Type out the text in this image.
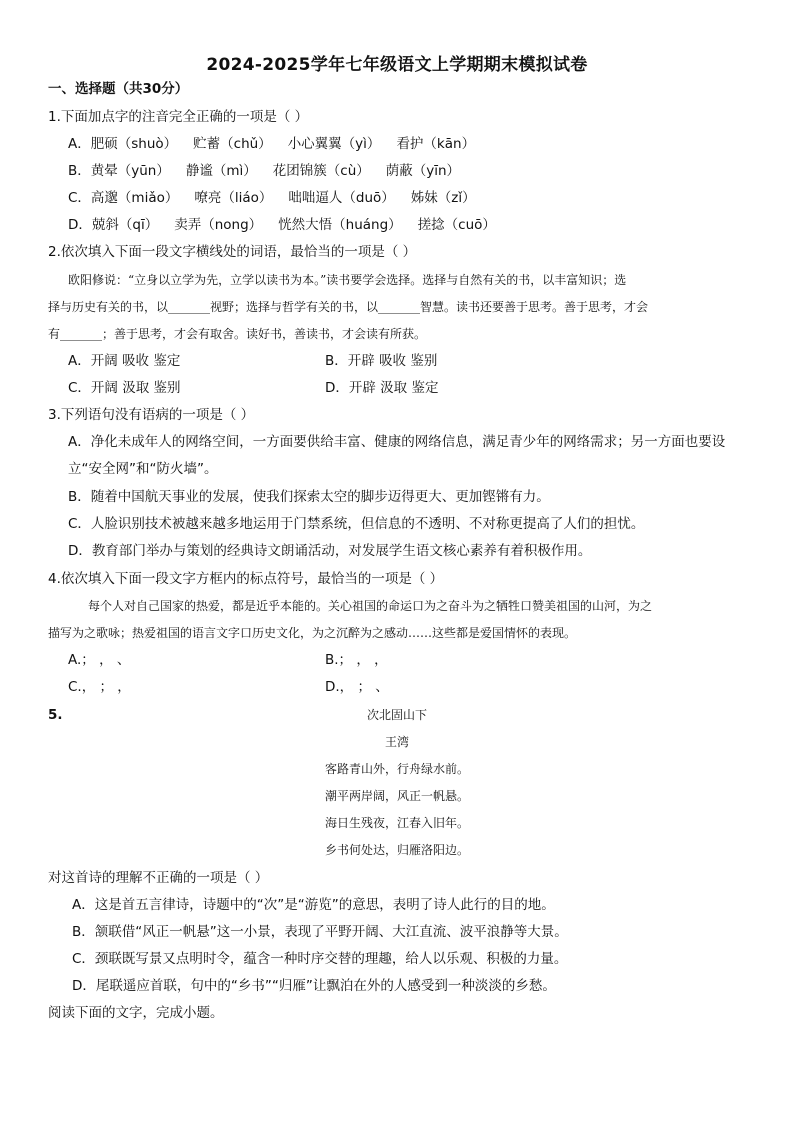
2024-2025学年七年级语文上学期期末模拟试卷
一、选择题（共30分）
1.下面加点字的注音完全正确的一项是（ ）
A．肥硕（shuò） 贮蓄（chǔ） 小心翼翼（yì） 看护（kān）
B．黄晕（yūn） 静谧（mì） 花团锦簇（cù） 荫蔽（yīn）
C．高邈（miǎo） 嘹亮（liáo） 咄咄逼人（duō） 姊妹（zǐ）
D．兢斜（qī） 卖弄（nong） 恍然大悟（huáng） 搓捻（cuō）
2.依次填入下面一段文字横线处的词语，最恰当的一项是（ ）
欧阳修说：“立身以立学为先，立学以读书为本。”读书要学会选择。选择与自然有关的书，以丰富知识；选
择与历史有关的书，以_______视野；选择与哲学有关的书，以_______智慧。读书还要善于思考。善于思考，才会
有_______；善于思考，才会有取舍。读好书，善读书，才会读有所获。
A．开阔 吸收 鉴定	B．开辟 吸收 鉴别
C．开阔 汲取 鉴别	D．开辟 汲取 鉴定
3.下列语句没有语病的一项是（ ）
A．净化未成年人的网络空间，一方面要供给丰富、健康的网络信息，满足青少年的网络需求；另一方面也要设
立“安全网”和“防火墙”。
B．随着中国航天事业的发展，使我们探索太空的脚步迈得更大、更加铿锵有力。
C．人脸识别技术被越来越多地运用于门禁系统，但信息的不透明、不对称更提高了人们的担忧。
D．教育部门举办与策划的经典诗文朗诵活动，对发展学生语文核心素养有着积极作用。
4.依次填入下面一段文字方框内的标点符号，最恰当的一项是（ ）
每个人对自己国家的热爱，都是近乎本能的。关心祖国的命运口为之奋斗为之牺牲口赞美祖国的山河，为之
描写为之歌咏；热爱祖国的语言文字口历史文化，为之沉醉为之感动……这些都是爱国情怀的表现。
A.； ， 、	B.； ， ，
C.， ； ，	D.， ； 、
5.	次北固山下
王湾
客路青山外，行舟绿水前。
潮平两岸阔，风正一帆悬。
海日生残夜，江春入旧年。
乡书何处达，归雁洛阳边。
对这首诗的理解不正确的一项是（ ）
A．这是首五言律诗，诗题中的“次”是“游览”的意思，表明了诗人此行的目的地。
B．颔联借“风正一帆悬”这一小景，表现了平野开阔、大江直流、波平浪静等大景。
C．颈联既写景又点明时令，蕴含一种时序交替的理趣，给人以乐观、积极的力量。
D．尾联遥应首联，句中的“乡书”“归雁”让飘泊在外的人感受到一种淡淡的乡愁。
阅读下面的文字，完成小题。
